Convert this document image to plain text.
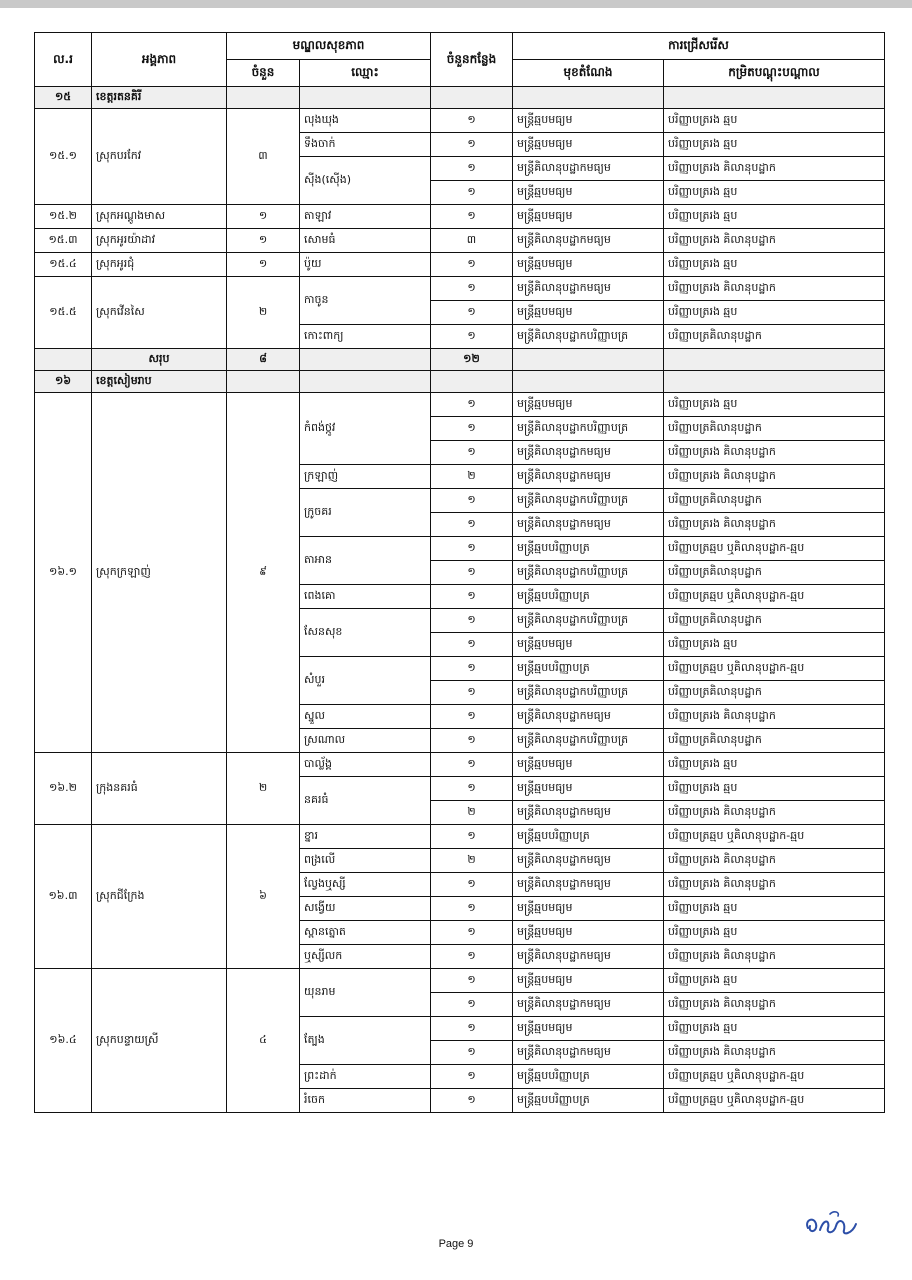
ល.រ	អង្គភាព	មណ្ឌលសុខភាព		ចំនួនកន្លែង	ការជ្រើសរើស	
		ចំនួន	ឈ្មោះ		មុខតំណែង	កម្រិតបណ្តុះបណ្តាល
១៥	ខេត្តរតនគិរី					
១៥.១	ស្រុកបរកែវ	៣	លុងឃុង	១	មន្ត្រីឆ្មបមធ្យម	បរិញ្ញាបត្ររង ឆ្មប
			ទឹងចាក់	១	មន្ត្រីឆ្មបមធ្យម	បរិញ្ញាបត្ររង ឆ្មប
			ស៊ីង(ស៊ើង)	១	មន្ត្រីគិលានុបដ្ឋាកមធ្យម	បរិញ្ញាបត្ររង គិលានុបដ្ឋាក
				១	មន្ត្រីឆ្មបមធ្យម	បរិញ្ញាបត្ររង ឆ្មប
១៥.២	ស្រុកអណ្តូងមាស	១	តាឡាវ	១	មន្ត្រីឆ្មបមធ្យម	បរិញ្ញាបត្ររង ឆ្មប
១៥.៣	ស្រុកអូរយ៉ាដាវ	១	សោមធំ	៣	មន្ត្រីគិលានុបដ្ឋាកមធ្យម	បរិញ្ញាបត្ររង គិលានុបដ្ឋាក
១៥.៤	ស្រុកអូរជុំ	១	ប៉ូយ	១	មន្ត្រីឆ្មបមធ្យម	បរិញ្ញាបត្ររង ឆ្មប
១៥.៥	ស្រុកវើនសៃ	២	កាចូន	១	មន្ត្រីគិលានុបដ្ឋាកមធ្យម	បរិញ្ញាបត្ររង គិលានុបដ្ឋាក
				១	មន្ត្រីឆ្មបមធ្យម	បរិញ្ញាបត្ររង ឆ្មប
			កោះពាក្យ	១	មន្ត្រីគិលានុបដ្ឋាកបរិញ្ញាបត្រ	បរិញ្ញាបត្រគិលានុបដ្ឋាក
	សរុប	៨		១២		
១៦	ខេត្តសៀមរាប					
១៦.១	ស្រុកក្រឡាញ់	៩	កំពង់ថ្កូវ	១	មន្ត្រីឆ្មបមធ្យម	បរិញ្ញាបត្ររង ឆ្មប
				១	មន្ត្រីគិលានុបដ្ឋាកបរិញ្ញាបត្រ	បរិញ្ញាបត្រគិលានុបដ្ឋាក
				១	មន្ត្រីគិលានុបដ្ឋាកមធ្យម	បរិញ្ញាបត្ររង គិលានុបដ្ឋាក
			ក្រឡាញ់	២	មន្ត្រីគិលានុបដ្ឋាកមធ្យម	បរិញ្ញាបត្ររង គិលានុបដ្ឋាក
			ក្រូចគរ	១	មន្ត្រីគិលានុបដ្ឋាកបរិញ្ញាបត្រ	បរិញ្ញាបត្រគិលានុបដ្ឋាក
				១	មន្ត្រីគិលានុបដ្ឋាកមធ្យម	បរិញ្ញាបត្ររង គិលានុបដ្ឋាក
			តាអាន	១	មន្ត្រីឆ្មបបរិញ្ញាបត្រ	បរិញ្ញាបត្រឆ្មប ឬគិលានុបដ្ឋាក-ឆ្មប
				១	មន្ត្រីគិលានុបដ្ឋាកបរិញ្ញាបត្រ	បរិញ្ញាបត្រគិលានុបដ្ឋាក
			ពេងគោ	១	មន្ត្រីឆ្មបបរិញ្ញាបត្រ	បរិញ្ញាបត្រឆ្មប ឬគិលានុបដ្ឋាក-ឆ្មប
			សែនសុខ	១	មន្ត្រីគិលានុបដ្ឋាកបរិញ្ញាបត្រ	បរិញ្ញាបត្រគិលានុបដ្ឋាក
				១	មន្ត្រីឆ្មបមធ្យម	បរិញ្ញាបត្ររង ឆ្មប
			សំបួរ	១	មន្ត្រីឆ្មបបរិញ្ញាបត្រ	បរិញ្ញាបត្រឆ្មប ឬគិលានុបដ្ឋាក-ឆ្មប
				១	មន្ត្រីគិលានុបដ្ឋាកបរិញ្ញាបត្រ	បរិញ្ញាបត្រគិលានុបដ្ឋាក
			ស្នួល	១	មន្ត្រីគិលានុបដ្ឋាកមធ្យម	បរិញ្ញាបត្ររង គិលានុបដ្ឋាក
			ស្រណាល	១	មន្ត្រីគិលានុបដ្ឋាកបរិញ្ញាបត្រ	បរិញ្ញាបត្រគិលានុបដ្ឋាក
១៦.២	ក្រុងនគរធំ	២	បាល្ល័ង្គ	១	មន្ត្រីឆ្មបមធ្យម	បរិញ្ញាបត្ររង ឆ្មប
			នគរធំ	១	មន្ត្រីឆ្មបមធ្យម	បរិញ្ញាបត្ររង ឆ្មប
				២	មន្ត្រីគិលានុបដ្ឋាកមធ្យម	បរិញ្ញាបត្ររង គិលានុបដ្ឋាក
១៦.៣	ស្រុកជីក្រែង	៦	ខ្នារ	១	មន្ត្រីឆ្មបបរិញ្ញាបត្រ	បរិញ្ញាបត្រឆ្មប ឬគិលានុបដ្ឋាក-ឆ្មប
			ពង្រលើ	២	មន្ត្រីគិលានុបដ្ឋាកមធ្យម	បរិញ្ញាបត្ររង គិលានុបដ្ឋាក
			ល្វែងឬស្សី	១	មន្ត្រីគិលានុបដ្ឋាកមធ្យម	បរិញ្ញាបត្ររង គិលានុបដ្ឋាក
			សង្វើយ	១	មន្ត្រីឆ្មបមធ្យម	បរិញ្ញាបត្ររង ឆ្មប
			ស្ពានត្នោត	១	មន្ត្រីឆ្មបមធ្យម	បរិញ្ញាបត្ររង ឆ្មប
			ឬស្សីលក	១	មន្ត្រីគិលានុបដ្ឋាកមធ្យម	បរិញ្ញាបត្ររង គិលានុបដ្ឋាក
១៦.៤	ស្រុកបន្ទាយស្រី	៤	យុនរាម	១	មន្ត្រីឆ្មបមធ្យម	បរិញ្ញាបត្ររង ឆ្មប
				១	មន្ត្រីគិលានុបដ្ឋាកមធ្យម	បរិញ្ញាបត្ររង គិលានុបដ្ឋាក
			ត្បែង	១	មន្ត្រីឆ្មបមធ្យម	បរិញ្ញាបត្ររង ឆ្មប
				១	មន្ត្រីគិលានុបដ្ឋាកមធ្យម	បរិញ្ញាបត្ររង គិលានុបដ្ឋាក
			ព្រះដាក់	១	មន្ត្រីឆ្មបបរិញ្ញាបត្រ	បរិញ្ញាបត្រឆ្មប ឬគិលានុបដ្ឋាក-ឆ្មប
			រំចេក	១	មន្ត្រីឆ្មបបរិញ្ញាបត្រ	បរិញ្ញាបត្រឆ្មប ឬគិលានុបដ្ឋាក-ឆ្មប
Page 9
